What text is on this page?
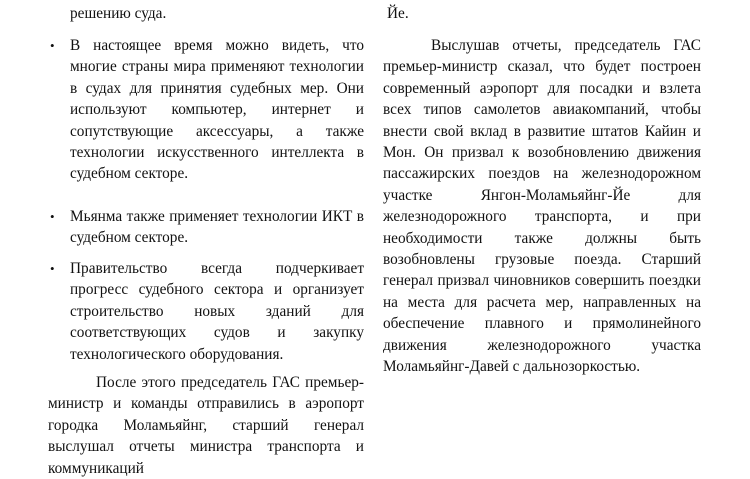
решению суда.

• В настоящее время можно видеть, что многие страны мира применяют технологии в судах для принятия судебных мер. Они используют компьютер, интернет и сопутствующие аксессуары, а также технологии искусственного интеллекта в судебном секторе.

• Мьянма также применяет технологии ИКТ в судебном секторе.

• Правительство всегда подчеркивает прогресс судебного сектора и организует строительство новых зданий для соответствующих судов и закупку технологического оборудования.

После этого председатель ГАС премьер-министр и команды отправились в аэропорт городка Моламьяйнг, старший генерал выслушал отчеты министра транспорта и коммуникаций

Йе.

Выслушав отчеты, председатель ГАС премьер-министр сказал, что будет построен современный аэропорт для посадки и взлета всех типов самолетов авиакомпаний, чтобы внести свой вклад в развитие штатов Кайин и Мон. Он призвал к возобновлению движения пассажирских поездов на железнодорожном участке Янгон-Моламьяйнг-Йе для железнодорожного транспорта, и при необходимости также должны быть возобновлены грузовые поезда. Старший генерал призвал чиновников совершить поездки на места для расчета мер, направленных на обеспечение плавного и прямолинейного движения железнодорожного участка Моламьяйнг-Давей с дальнозоркостью.
